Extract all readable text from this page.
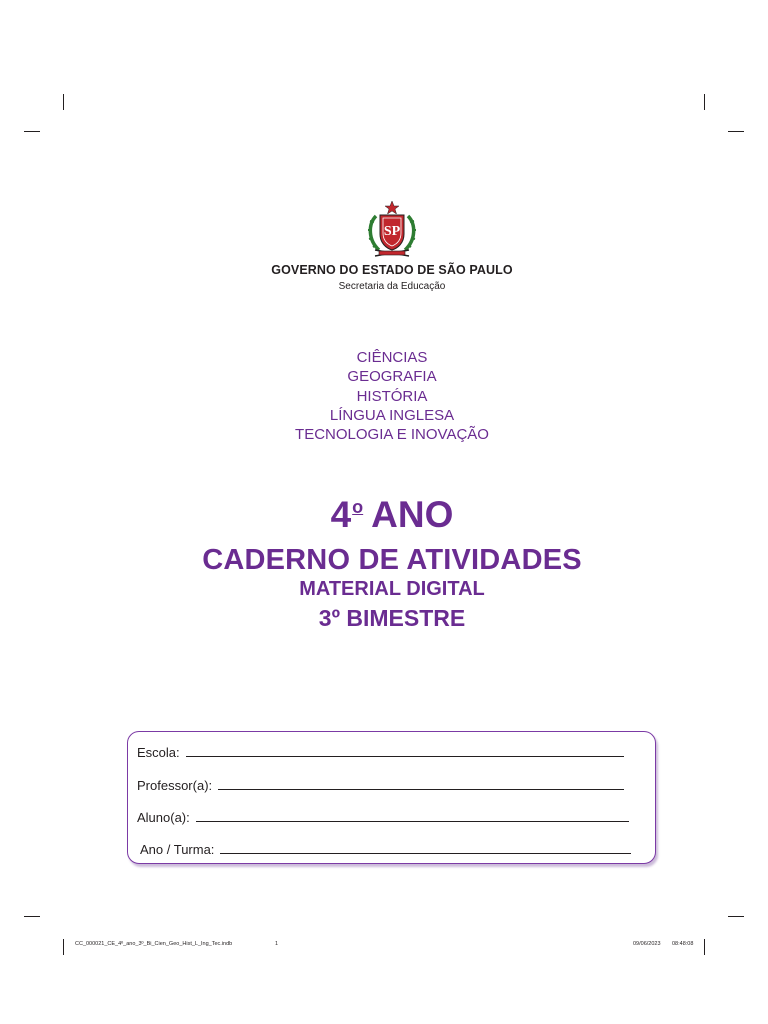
SP
GOVERNO DO ESTADO DE SÃO PAULO
Secretaria da Educação
CIÊNCIAS
GEOGRAFIA
HISTÓRIA
LÍNGUA INGLESA
TECNOLOGIA E INOVAÇÃO
4$^o$ ANO
CADERNO DE ATIVIDADES
MATERIAL DIGITAL
3º BIMESTRE
Escola:
Professor(a):
Aluno(a):
Ano / Turma:
CC_000021_CE_4º_ano_3º_Bi_Cien_Geo_Hist_L_Ing_Tec.indb	1	09/06/2023 08:48:08
